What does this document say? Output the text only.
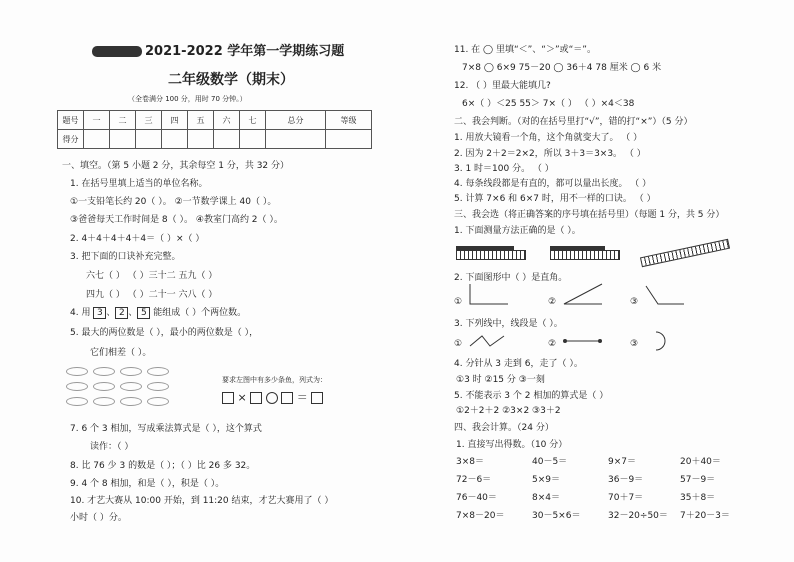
2021-2022 学年第一学期练习题
二年级数学（期末）
（全卷满分 100 分，用时 70 分钟。）
题号	一	二	三	四	五	六	七	总分	等级
得分									
一、填空。（第 5 小题 2 分，其余每空 1 分，共 32 分）
1. 在括号里填上适当的单位名称。
①一支铅笔长约 20（ ）。 ②一节数学课上 40（ ）。
③爸爸每天工作时间是 8（ ）。 ④教室门高约 2（ ）。
2. 4＋4＋4＋4＋4＝（ ）×（ ）
3. 把下面的口诀补充完整。
六七（ ） （ ）三十二 五九（ ）
四九（ ） （ ）二十一 六八（ ）
4. 用 3 、 2 、 5 能组成（ ）个两位数。
5. 最大的两位数是（ ），最小的两位数是（ ），
它们相差（ ）。
要求左图中有多少条鱼，列式为：
×	＝
7. 6 个 3 相加，写成乘法算式是（ ），这个算式
读作：（ ）
8. 比 76 少 3 的数是（ ）；（ ）比 26 多 32。
9. 4 个 8 相加，和是（ ），积是（ ）。
10. 才艺大赛从 10:00 开始，到 11:20 结束，才艺大赛用了（ ）
小时（ ）分。
11. 在 ◯ 里填“＜”、“＞”或“＝”。
7×8 ◯ 6×9 75－20 ◯ 36＋4 78 厘米 ◯ 6 米
12. （ ）里最大能填几?
6×（ ）＜25 55＞ 7×（ ） （ ）×4＜38
二、我会判断。（对的在括号里打“√”，错的打“×”）（5 分）
1. 用放大镜看一个角，这个角就变大了。 （ ）
2. 因为 2＋2＝2×2，所以 3＋3＝3×3。 （ ）
3. 1 时＝100 分。 （ ）
4. 每条线段都是有直的，都可以量出长度。 （ ）
5. 计算 7×6 和 6×7 时，用不一样的口诀。 （ ）
三、我会选（将正确答案的序号填在括号里）（每题 1 分，共 5 分）
1. 下面测量方法正确的是（ ）。
2. 下面图形中（ ）是直角。
①	②	③
3. 下列线中，线段是（ ）。
①	②	③
4. 分针从 3 走到 6，走了（ ）。
①3 时 ②15 分 ③一刻
5. 不能表示 3 个 2 相加的算式是（ ）
①2＋2＋2 ②3×2 ③3＋2
四、我会计算。（24 分）
1. 直接写出得数。（10 分）
3×8＝	40－5＝	9×7＝	20＋40＝
72－6＝	5×9＝	36－9＝	57－9＝
76－40＝	8×4＝	70＋7＝	35＋8＝
7×8－20＝	30－5×6＝	32－20÷50＝ 7＋20－3＝
